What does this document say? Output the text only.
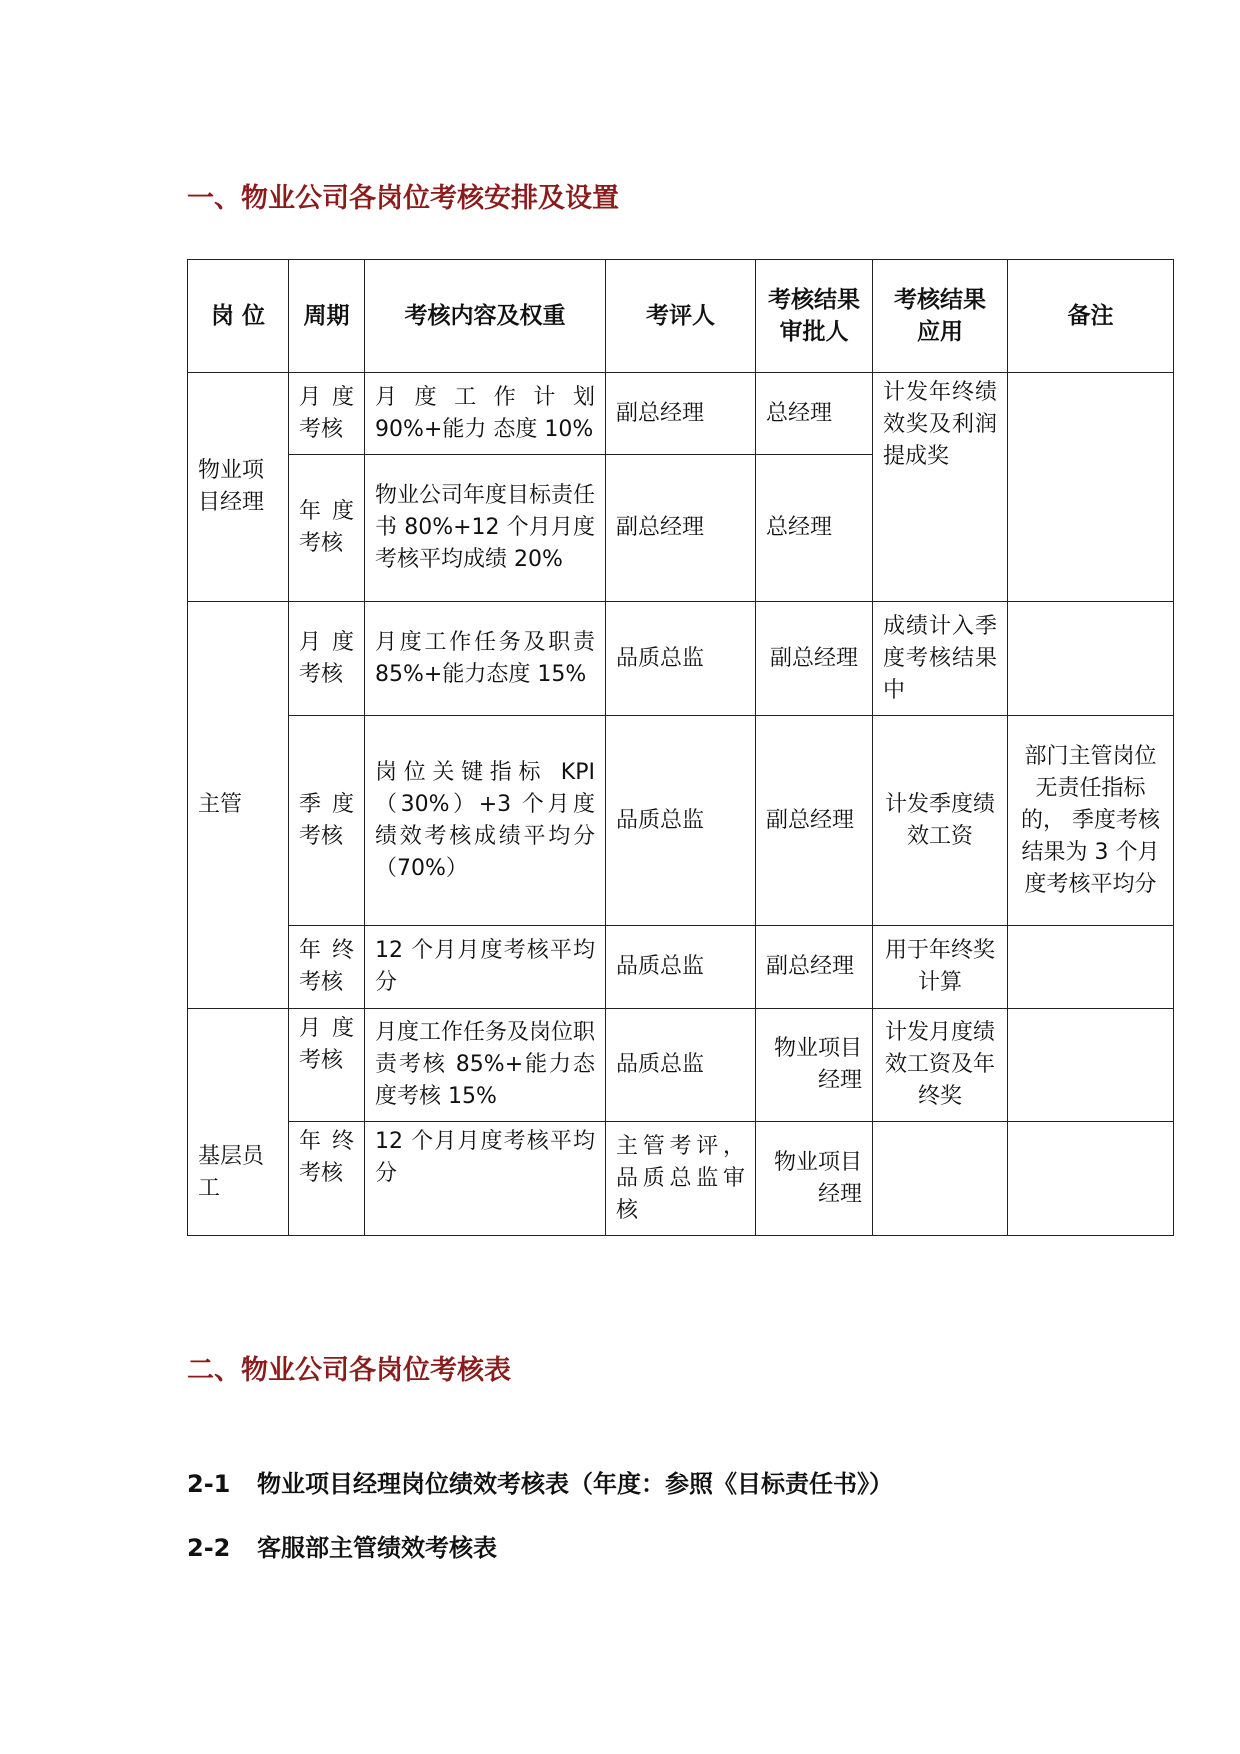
一、物业公司各岗位考核安排及设置
岗 位	周期	考核内容及权重	考评人	考核结果审批人	考核结果应用	备注
物业项目经理	月度考核	月度工作计划 90%+能力 态度 10%	副总经理	总经理	计发年终绩效奖及利润提成奖	
	年度考核	物业公司年度目标责任书 80%+12 个月月度考核平均成绩 20%	副总经理	总经理		
主管	月度考核	月度工作任务及职责 85%+能力态度 15%	品质总监	副总经理	成绩计入季度考核结果中	
	季度考核	岗位关键指标 KPI（30%）+3 个月度绩效考核成绩平均分（70%）	品质总监	副总经理	计发季度绩效工资	部门主管岗位无责任指标的， 季度考核结果为 3 个月度考核平均分
	年终考核	12 个月月度考核平均分	品质总监	副总经理	用于年终奖计算	
基层员工	月度考核	月度工作任务及岗位职责考核 85%+能力态度考核 15%	品质总监	物业项目经理	计发月度绩效工资及年终奖	
	年终考核	12 个月月度考核平均分	主管考评，品质总监审核	物业项目经理		
二、物业公司各岗位考核表

2-1 物业项目经理岗位绩效考核表（年度：参照《目标责任书》）

2-2 客服部主管绩效考核表
